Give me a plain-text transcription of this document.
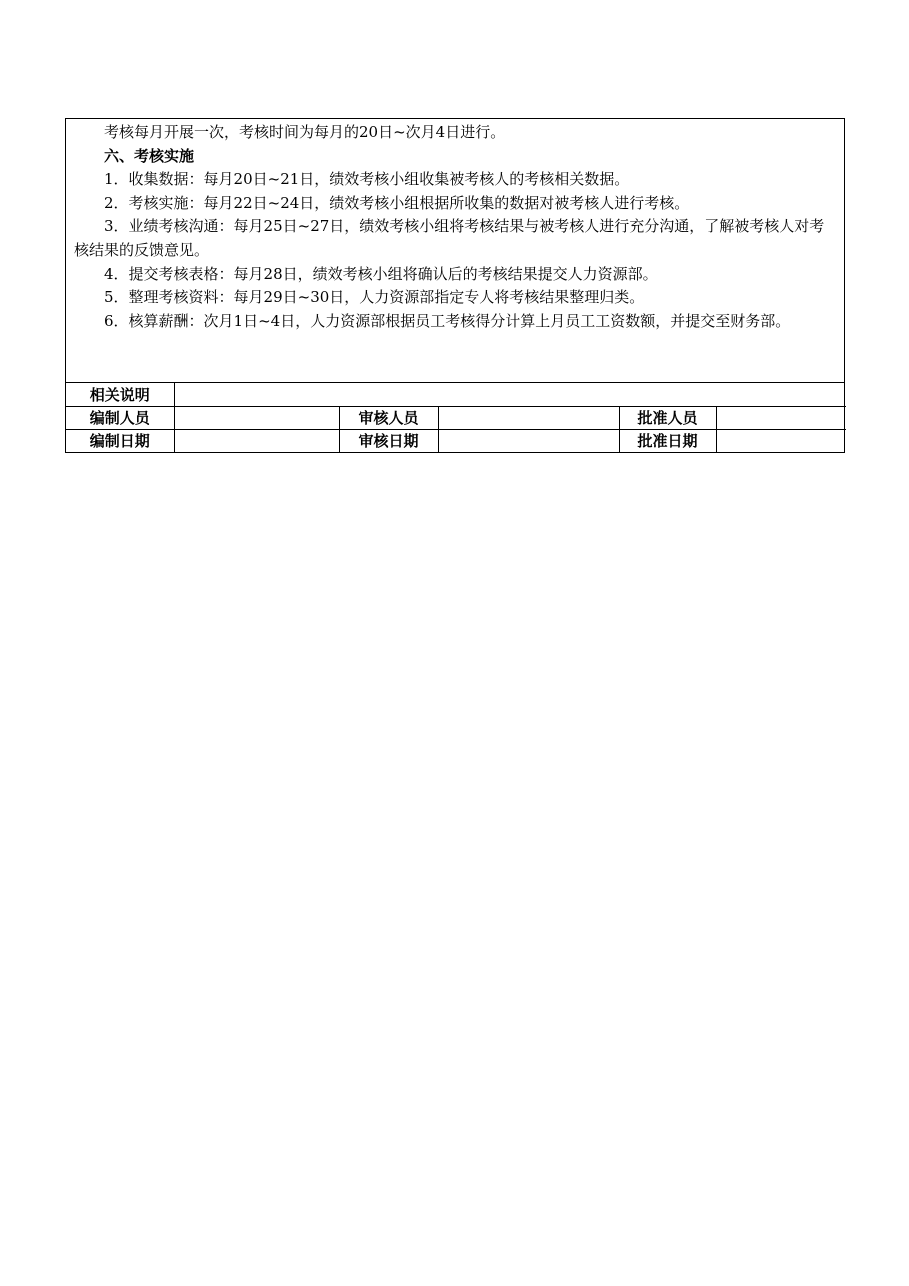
考核每月开展一次，考核时间为每月的20日~次月4日进行。

六、考核实施

1．收集数据：每月20日~21日，绩效考核小组收集被考核人的考核相关数据。

2．考核实施：每月22日~24日，绩效考核小组根据所收集的数据对被考核人进行考核。

3．业绩考核沟通：每月25日~27日，绩效考核小组将考核结果与被考核人进行充分沟通，了解被考核人对考核结果的反馈意见。

4．提交考核表格：每月28日，绩效考核小组将确认后的考核结果提交人力资源部。

5．整理考核资料：每月29日~30日，人力资源部指定专人将考核结果整理归类。

6．核算薪酬：次月1日~4日，人力资源部根据员工考核得分计算上月员工工资数额，并提交至财务部。

相关说明					
编制人员		审核人员		批准人员	
编制日期		审核日期		批准日期	
